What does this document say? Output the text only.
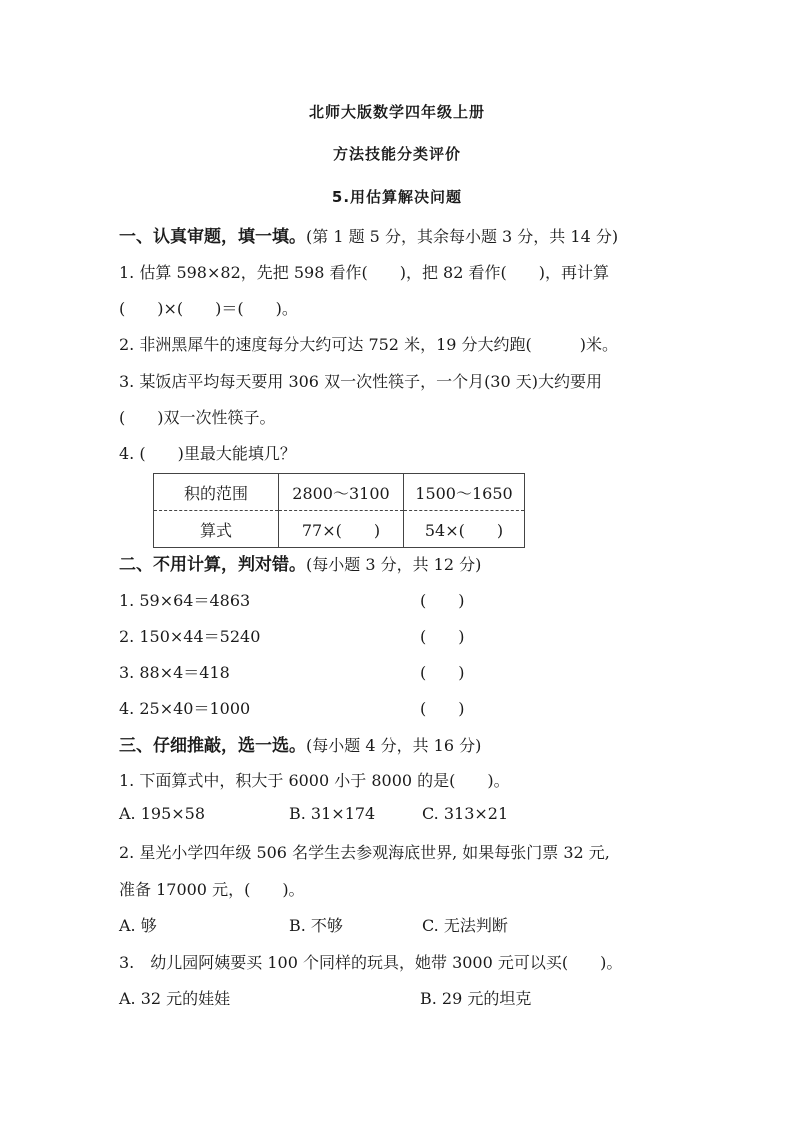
北师大版数学四年级上册
方法技能分类评价
5.用估算解决问题
一、认真审题，填一填。(第 1 题 5 分，其余每小题 3 分，共 14 分)
1. 估算 598×82，先把 598 看作(　　)，把 82 看作(　　)，再计算
(　　)×(　　)＝(　　)。
2. 非洲黑犀牛的速度每分大约可达 752 米，19 分大约跑(　　　)米。
3. 某饭店平均每天要用 306 双一次性筷子，一个月(30 天)大约要用
(　　)双一次性筷子。
4. (　　)里最大能填几？
积的范围	2800～3100	1500～1650
算式	77×(　　)	54×(　　)
二、不用计算，判对错。(每小题 3 分，共 12 分)
1. 59×64＝4863	(　　)
2. 150×44＝5240	(　　)
3. 88×4＝418	(　　)
4. 25×40＝1000	(　　)
三、仔细推敲，选一选。(每小题 4 分，共 16 分)
1. 下面算式中，积大于 6000 小于 8000 的是(　　)。
A. 195×58	B. 31×174	C. 313×21
2. 星光小学四年级 506 名学生去参观海底世界, 如果每张门票 32 元,
准备 17000 元，(　　)。
A. 够	B. 不够	C. 无法判断
3.　幼儿园阿姨要买 100 个同样的玩具，她带 3000 元可以买(　　)。
A. 32 元的娃娃	B. 29 元的坦克
